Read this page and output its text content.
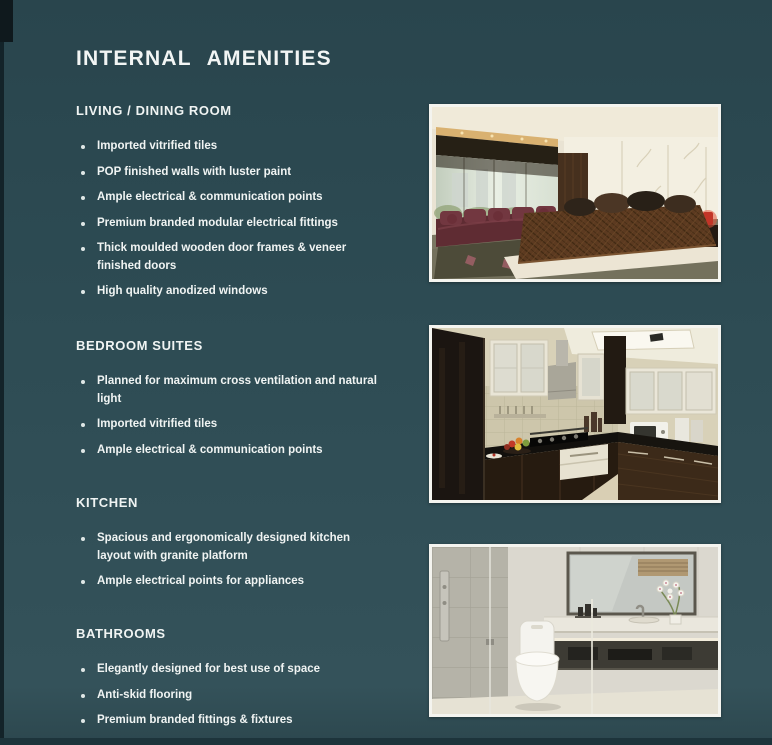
INTERNAL AMENITIES
LIVING / DINING ROOM
Imported vitrified tiles
POP finished walls with luster paint
Ample electrical & communication points
Premium branded modular electrical fittings
Thick moulded wooden door frames & veneer finished doors
High quality anodized windows
BEDROOM SUITES
Planned for maximum cross ventilation and natural light
Imported vitrified tiles
Ample electrical & communication points
KITCHEN
Spacious and ergonomically designed kitchen layout with granite platform
Ample electrical points for appliances
BATHROOMS
Elegantly designed for best use of space
Anti-skid flooring
Premium branded fittings & fixtures
